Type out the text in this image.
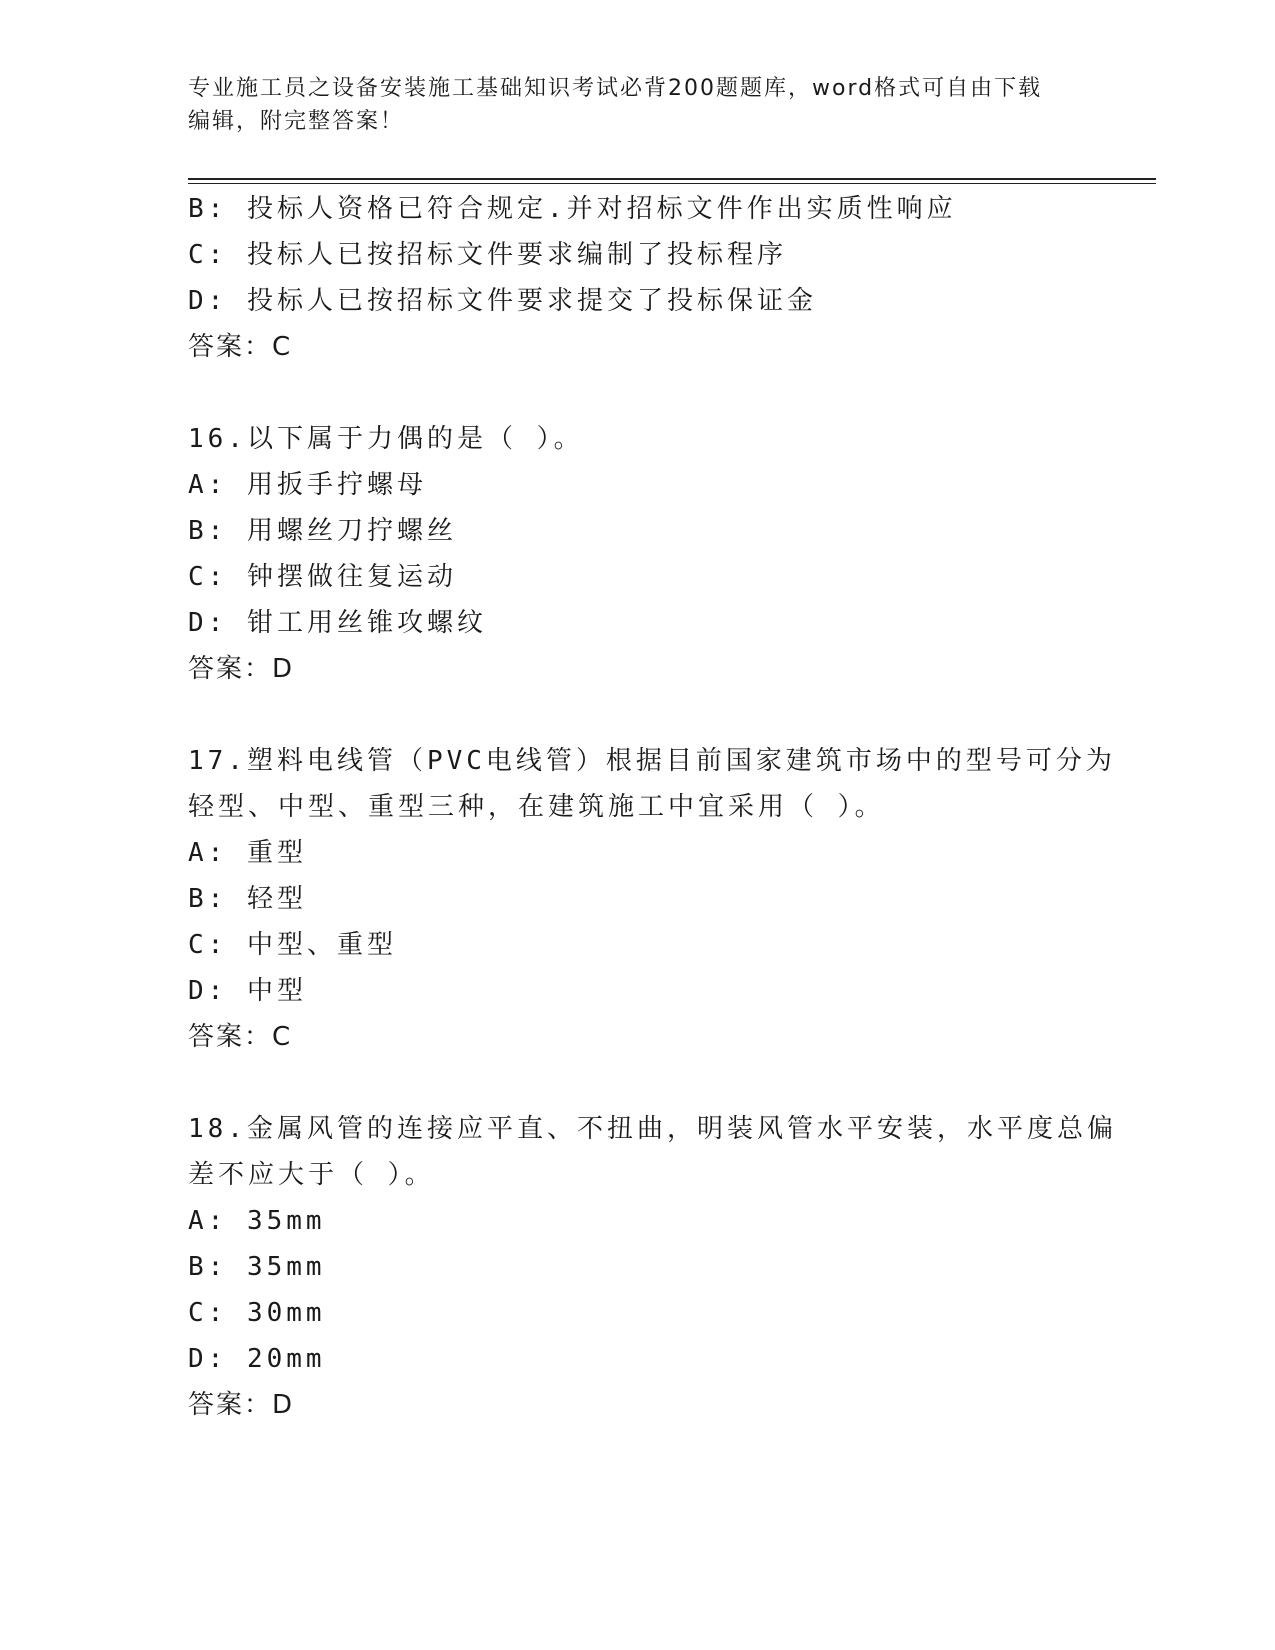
专业施工员之设备安装施工基础知识考试必背200题题库，word格式可自由下载
编辑，附完整答案！
B: 投标人资格已符合规定.并对招标文件作出实质性响应
C: 投标人已按招标文件要求编制了投标程序
D: 投标人已按招标文件要求提交了投标保证金
答案：C
16.以下属于力偶的是（ ）。
A: 用扳手拧螺母
B: 用螺丝刀拧螺丝
C: 钟摆做往复运动
D: 钳工用丝锥攻螺纹
答案：D
17.塑料电线管（PVC电线管）根据目前国家建筑市场中的型号可分为
轻型、中型、重型三种，在建筑施工中宜采用（ ）。
A: 重型
B: 轻型
C: 中型、重型
D: 中型
答案：C
18.金属风管的连接应平直、不扭曲，明装风管水平安装，水平度总偏
差不应大于（ ）。
A: 35mm
B: 35mm
C: 30mm
D: 20mm
答案：D
